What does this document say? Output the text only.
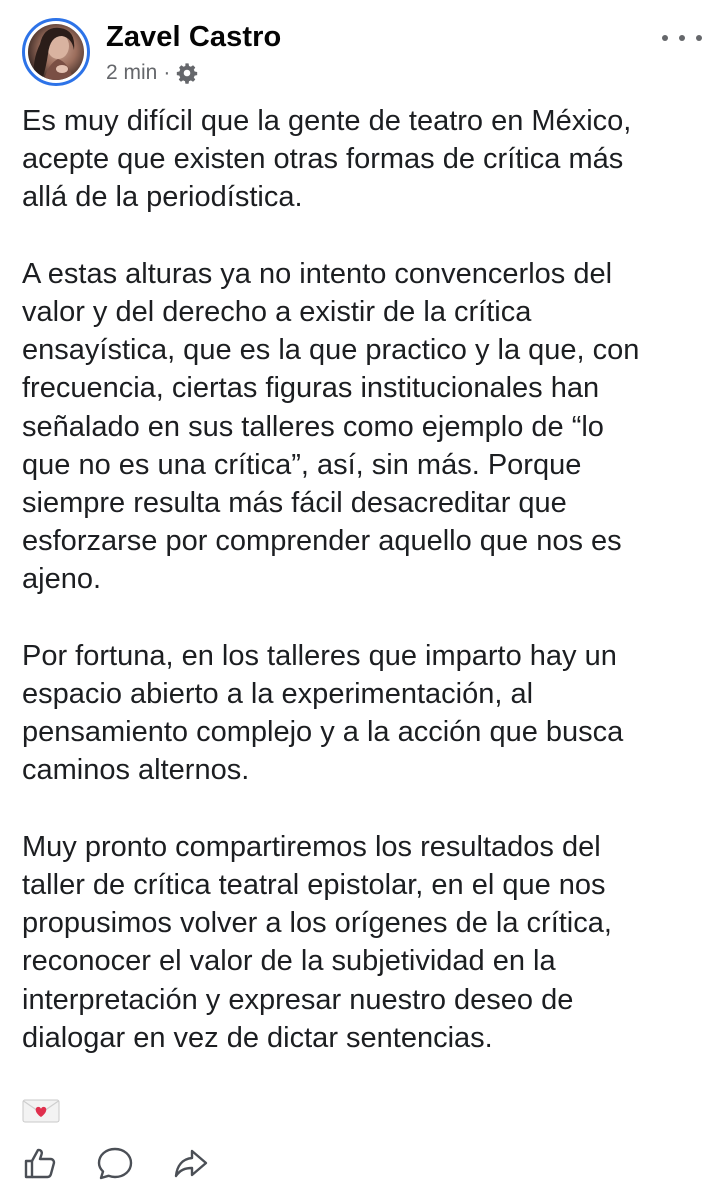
Zavel Castro
2 min ·

Es muy difícil que la gente de teatro en México,
acepte que existen otras formas de crítica más
allá de la periodística.

A estas alturas ya no intento convencerlos del
valor y del derecho a existir de la crítica
ensayística, que es la que practico y la que, con
frecuencia, ciertas figuras institucionales han
señalado en sus talleres como ejemplo de “lo
que no es una crítica”, así, sin más. Porque
siempre resulta más fácil desacreditar que
esforzarse por comprender aquello que nos es
ajeno.

Por fortuna, en los talleres que imparto hay un
espacio abierto a la experimentación, al
pensamiento complejo y a la acción que busca
caminos alternos.

Muy pronto compartiremos los resultados del
taller de crítica teatral epistolar, en el que nos
propusimos volver a los orígenes de la crítica,
reconocer el valor de la subjetividad en la
interpretación y expresar nuestro deseo de
dialogar en vez de dictar sentencias.
